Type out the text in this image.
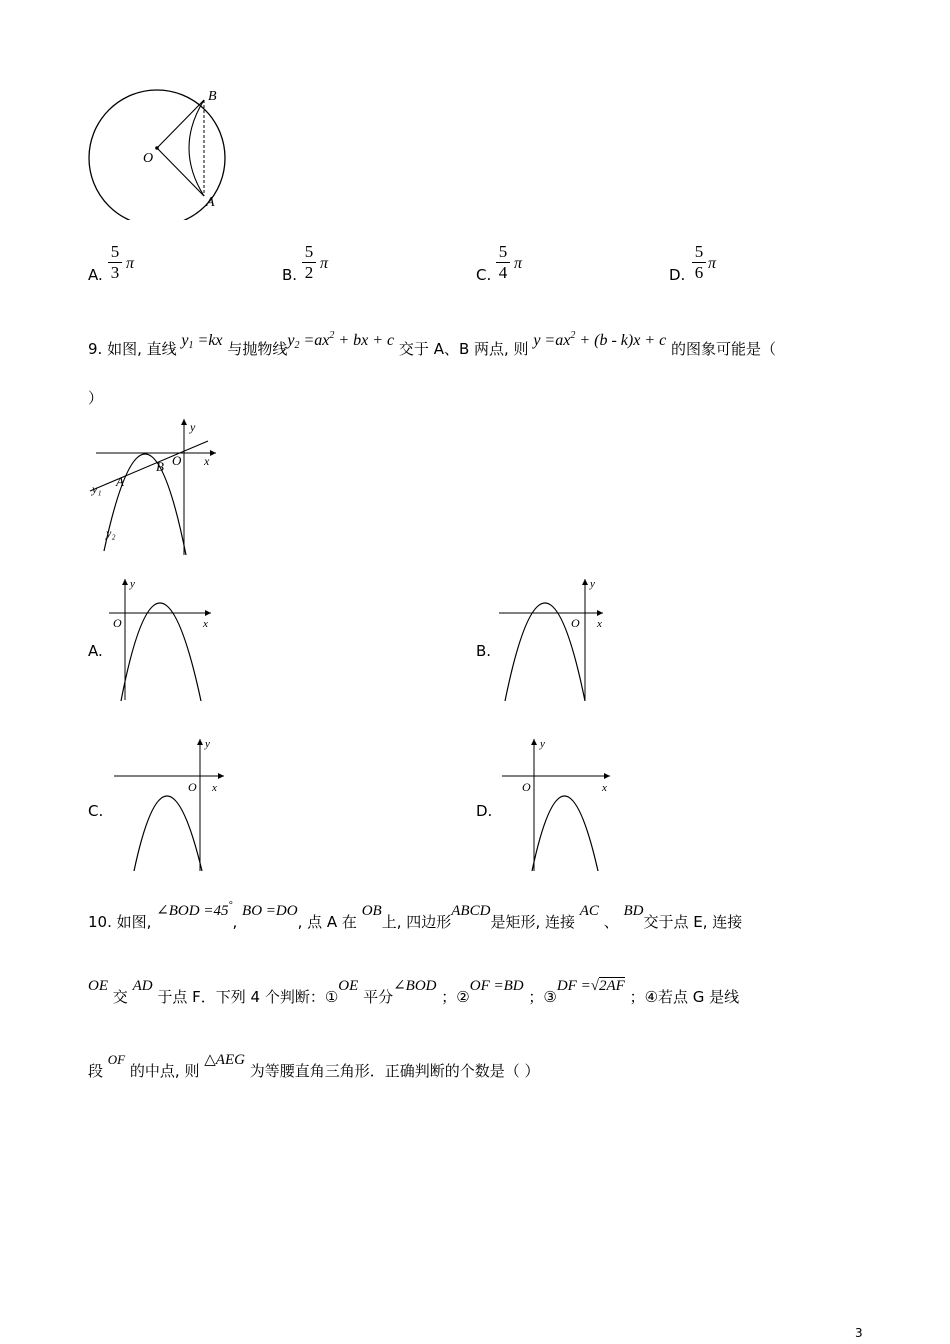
O
B
A
A.
5
3 π
B.
5
2 π
C.
5
4 π
D.
5
6 π
9. 如图, 直线 $y_1 =kx$ 与抛物线$y_2 =ax^2$ + bx + c 交于 A、B 两点, 则 $y =ax^2 + (b - k)x + c$ 的图象可能是（
）
y
x
O
B
A
y₁
y₂
A.
y
O	x
B.
y
O x
C.
y
O x
D.
y
O	x
10. 如图, ∠BOD =45°, BO =DO, 点 A 在 OB上, 四边形ABCD是矩形, 连接 AC 、 BD交于点 E, 连接
OE 交 AD 于点 F．下列 4 个判断：①OE 平分∠BOD ；②OF =BD ；③DF =√2AF ；④若点 G 是线
段 OF 的中点, 则 △AEG 为等腰直角三角形．正确判断的个数是（ ）
3
